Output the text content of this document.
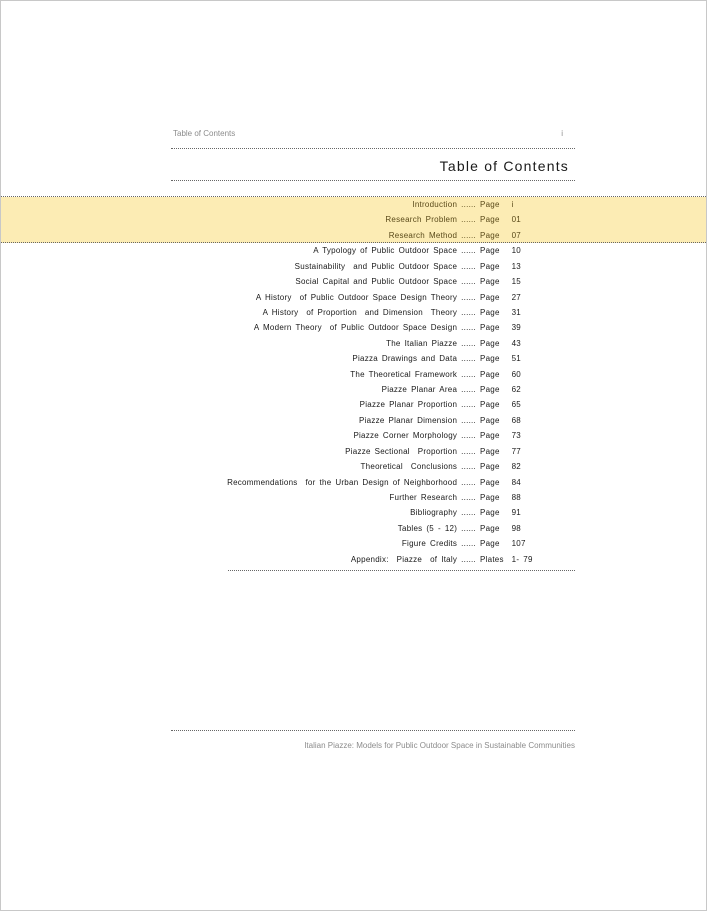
Table of Contents	i
Table of Contents
Introduction ...... Page   i
Research Problem ...... Page   01
Research Method ...... Page   07
A Typology of Public Outdoor Space ...... Page   10
Sustainability  and Public Outdoor Space ...... Page   13
Social Capital and Public Outdoor Space ...... Page   15
A History  of Public Outdoor Space Design Theory ...... Page   27
A History  of Proportion  and Dimension  Theory ...... Page   31
A Modern Theory  of Public Outdoor Space Design ...... Page   39
The Italian Piazze ...... Page   43
Piazza Drawings and Data ...... Page   51
The Theoretical Framework ...... Page   60
Piazze Planar Area ...... Page   62
Piazze Planar Proportion ...... Page   65
Piazze Planar Dimension ...... Page   68
Piazze Corner Morphology ...... Page   73
Piazze Sectional  Proportion ...... Page   77
Theoretical  Conclusions ...... Page   82
Recommendations  for the Urban Design of Neighborhood ...... Page   84
Further Research ...... Page   88
Bibliography ...... Page   91
Tables (5 - 12) ...... Page   98
Figure Credits ...... Page   107
Appendix:  Piazze  of Italy ...... Plates  1- 79
Italian Piazze: Models for Public Outdoor Space in Sustainable Communities
